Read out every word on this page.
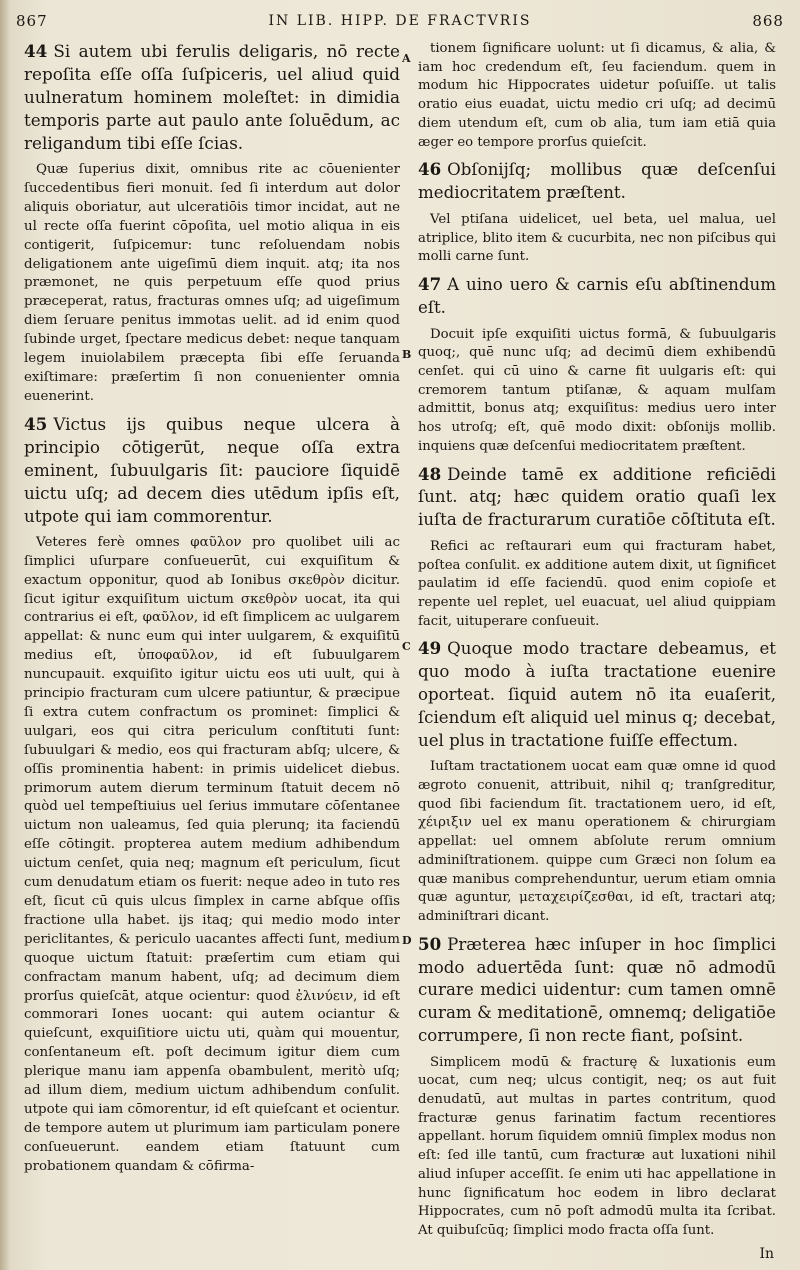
867	IN LIB. HIPP. DE FRACTVRIS	868

44 Si autem ubi ferulis deligaris, nō recte repoſita eſſe oſſa ſuſpiceris, uel aliud quid uulneratum hominem moleſtet: in dimidia temporis parte aut paulo ante ſoluēdum, ac religandum tibi eſſe ſcias.

Quæ ſuperius dixit, omnibus rite ac cōuenienter ſuccedentibus fieri monuit. ſed ſi interdum aut dolor aliquis oboriatur, aut ulceratiōis timor incidat, aut ne ul recte oſſa fuerint cōpoſita, uel motio aliqua in eis contigerit, ſuſpicemur: tunc reſoluendam nobis deligationem ante uigeſimū diem inquit. atq; ita nos præmonet, ne quis perpetuum eſſe quod prius præceperat, ratus, fracturas omnes uſq; ad uigeſimum diem ſeruare penitus immotas uelit. ad id enim quod ſubinde urget, ſpectare medicus debet: neque tanquam legem inuiolabilem præcepta ſibi eſſe ſeruanda exiſtimare: præſertim ſi non conuenienter omnia euenerint.

45 Victus ijs quibus neque ulcera à principio cōtigerūt, neque oſſa extra eminent, ſubuulgaris ſit: pauciore ſiquidē uictu uſq; ad decem dies utēdum ipſis eſt, utpote qui iam commorentur.

Veteres ferè omnes φαῦλον pro quolibet uili ac ſimplici uſurpare conſueuerūt, cui exquiſitum & exactum opponitur, quod ab Ionibus σκεθρὸν dicitur. ſicut igitur exquiſitum uictum σκεθρὸν uocat, ita qui contrarius ei eſt, φαῦλον, id eſt ſimplicem ac uulgarem appellat: & nunc eum qui inter uulgarem, & exquiſitū medius eſt, ὑποφαῦλον, id eſt ſubuulgarem nuncupauit. exquiſito igitur uictu eos uti uult, qui à principio fracturam cum ulcere patiuntur, & præcipue ſi extra cutem confractum os prominet: ſimplici & uulgari, eos qui citra periculum conſtituti ſunt: ſubuulgari & medio, eos qui fracturam abſq; ulcere, & oſſis prominentia habent: in primis uidelicet diebus. primorum autem dierum terminum ſtatuit decem nō quòd uel tempeſtiuius uel ſerius immutare cōſentanee uictum non ualeamus, ſed quia plerunq; ita faciendū eſſe cōtingit. propterea autem medium adhibendum uictum cenſet, quia neq; magnum eſt periculum, ſicut cum denudatum etiam os fuerit: neque adeo in tuto res eſt, ſicut cū quis ulcus ſimplex in carne abſque oſſis fractione ulla habet. ijs itaq; qui medio modo inter periclitantes, & periculo uacantes affecti ſunt, medium quoque uictum ſtatuit: præſertim cum etiam qui confractam manum habent, uſq; ad decimum diem prorſus quieſcāt, atque ocientur: quod ἐλινύειν, id eſt commorari Iones uocant: qui autem ociantur & quieſcunt, exquiſitiore uictu uti, quàm qui mouentur, conſentaneum eſt. poſt decimum igitur diem cum plerique manu iam appenſa obambulent, meritò uſq; ad illum diem, medium uictum adhibendum conſulit. utpote qui iam cōmorentur, id eſt quieſcant et ocientur. de tempore autem ut plurimum iam particulam ponere conſueuerunt. eandem etiam ſtatuunt cum probationem quandam & cōfirma-

A
B
C
D

tionem ſignificare uolunt: ut ſi dicamus, & alia, & iam hoc credendum eſt, ſeu faciendum. quem in modum hic Hippocrates uidetur poſuiſſe. ut talis oratio eius euadat, uictu medio cri uſq; ad decimū diem utendum eſt, cum ob alia, tum iam etiā quia æger eo tempore prorſus quieſcit.

46 Obſonijſq; mollibus quæ deſcenſui mediocritatem præſtent.

Vel ptiſana uidelicet, uel beta, uel malua, uel atriplice, blito item & cucurbita, nec non piſcibus qui molli carne ſunt.

47 A uino uero & carnis eſu abſtinendum eſt.

Docuit ipſe exquiſiti uictus formā, & ſubuulgaris quoq;, quē nunc uſq; ad decimū diem exhibendū cenſet. qui cū uino & carne fit uulgaris eſt: qui cremorem tantum ptiſanæ, & aquam mulſam admittit, bonus atq; exquiſitus: medius uero inter hos utroſq; eſt, quē modo dixit: obſonijs mollib. inquiens quæ deſcenſui mediocritatem præſtent.

48 Deinde tamē ex additione reficiēdi ſunt. atq; hæc quidem oratio quaſi lex iuſta de fracturarum curatiōe cōſtituta eſt.

Refici ac reſtaurari eum qui fracturam habet, poſtea conſulit. ex additione autem dixit, ut ſignificet paulatim id eſſe faciendū. quod enim copioſe et repente uel replet, uel euacuat, uel aliud quippiam facit, uituperare conſueuit.

49 Quoque modo tractare debeamus, et quo modo à iuſta tractatione euenire oporteat. ſiquid autem nō ita euaſerit, ſciendum eſt aliquid uel minus q; decebat, uel plus in tractatione fuiſſe effectum.

Iuſtam tractationem uocat eam quæ omne id quod ægroto conuenit, attribuit, nihil q; tranſgreditur, quod ſibi faciendum ſit. tractationem uero, id eſt, χέιριξιν uel ex manu operationem & chirurgiam appellat: uel omnem abſolute rerum omnium adminiſtrationem. quippe cum Græci non ſolum ea quæ manibus comprehenduntur, uerum etiam omnia quæ aguntur, μεταχειρίζεσθαι, id eſt, tractari atq; adminiſtrari dicant.

50 Præterea hæc inſuper in hoc ſimplici modo aduertēda ſunt: quæ nō admodū curare medici uidentur: cum tamen omnē curam & meditationē, omnemq; deligatiōe corrumpere, ſi non recte fiant, poſsint.

Simplicem modū & fracturę & luxationis eum uocat, cum neq; ulcus contigit, neq; os aut fuit denudatū, aut multas in partes contritum, quod fracturæ genus farinatim factum recentiores appellant. horum ſiquidem omniū ſimplex modus non eſt: ſed ille tantū, cum fracturæ aut luxationi nihil aliud inſuper acceſſit. ſe enim uti hac appellatione in hunc ſignificatum hoc eodem in libro declarat Hippocrates, cum nō poſt admodū multa ita ſcribat. At quibuſcūq; ſimplici modo fracta oſſa ſunt.

In
